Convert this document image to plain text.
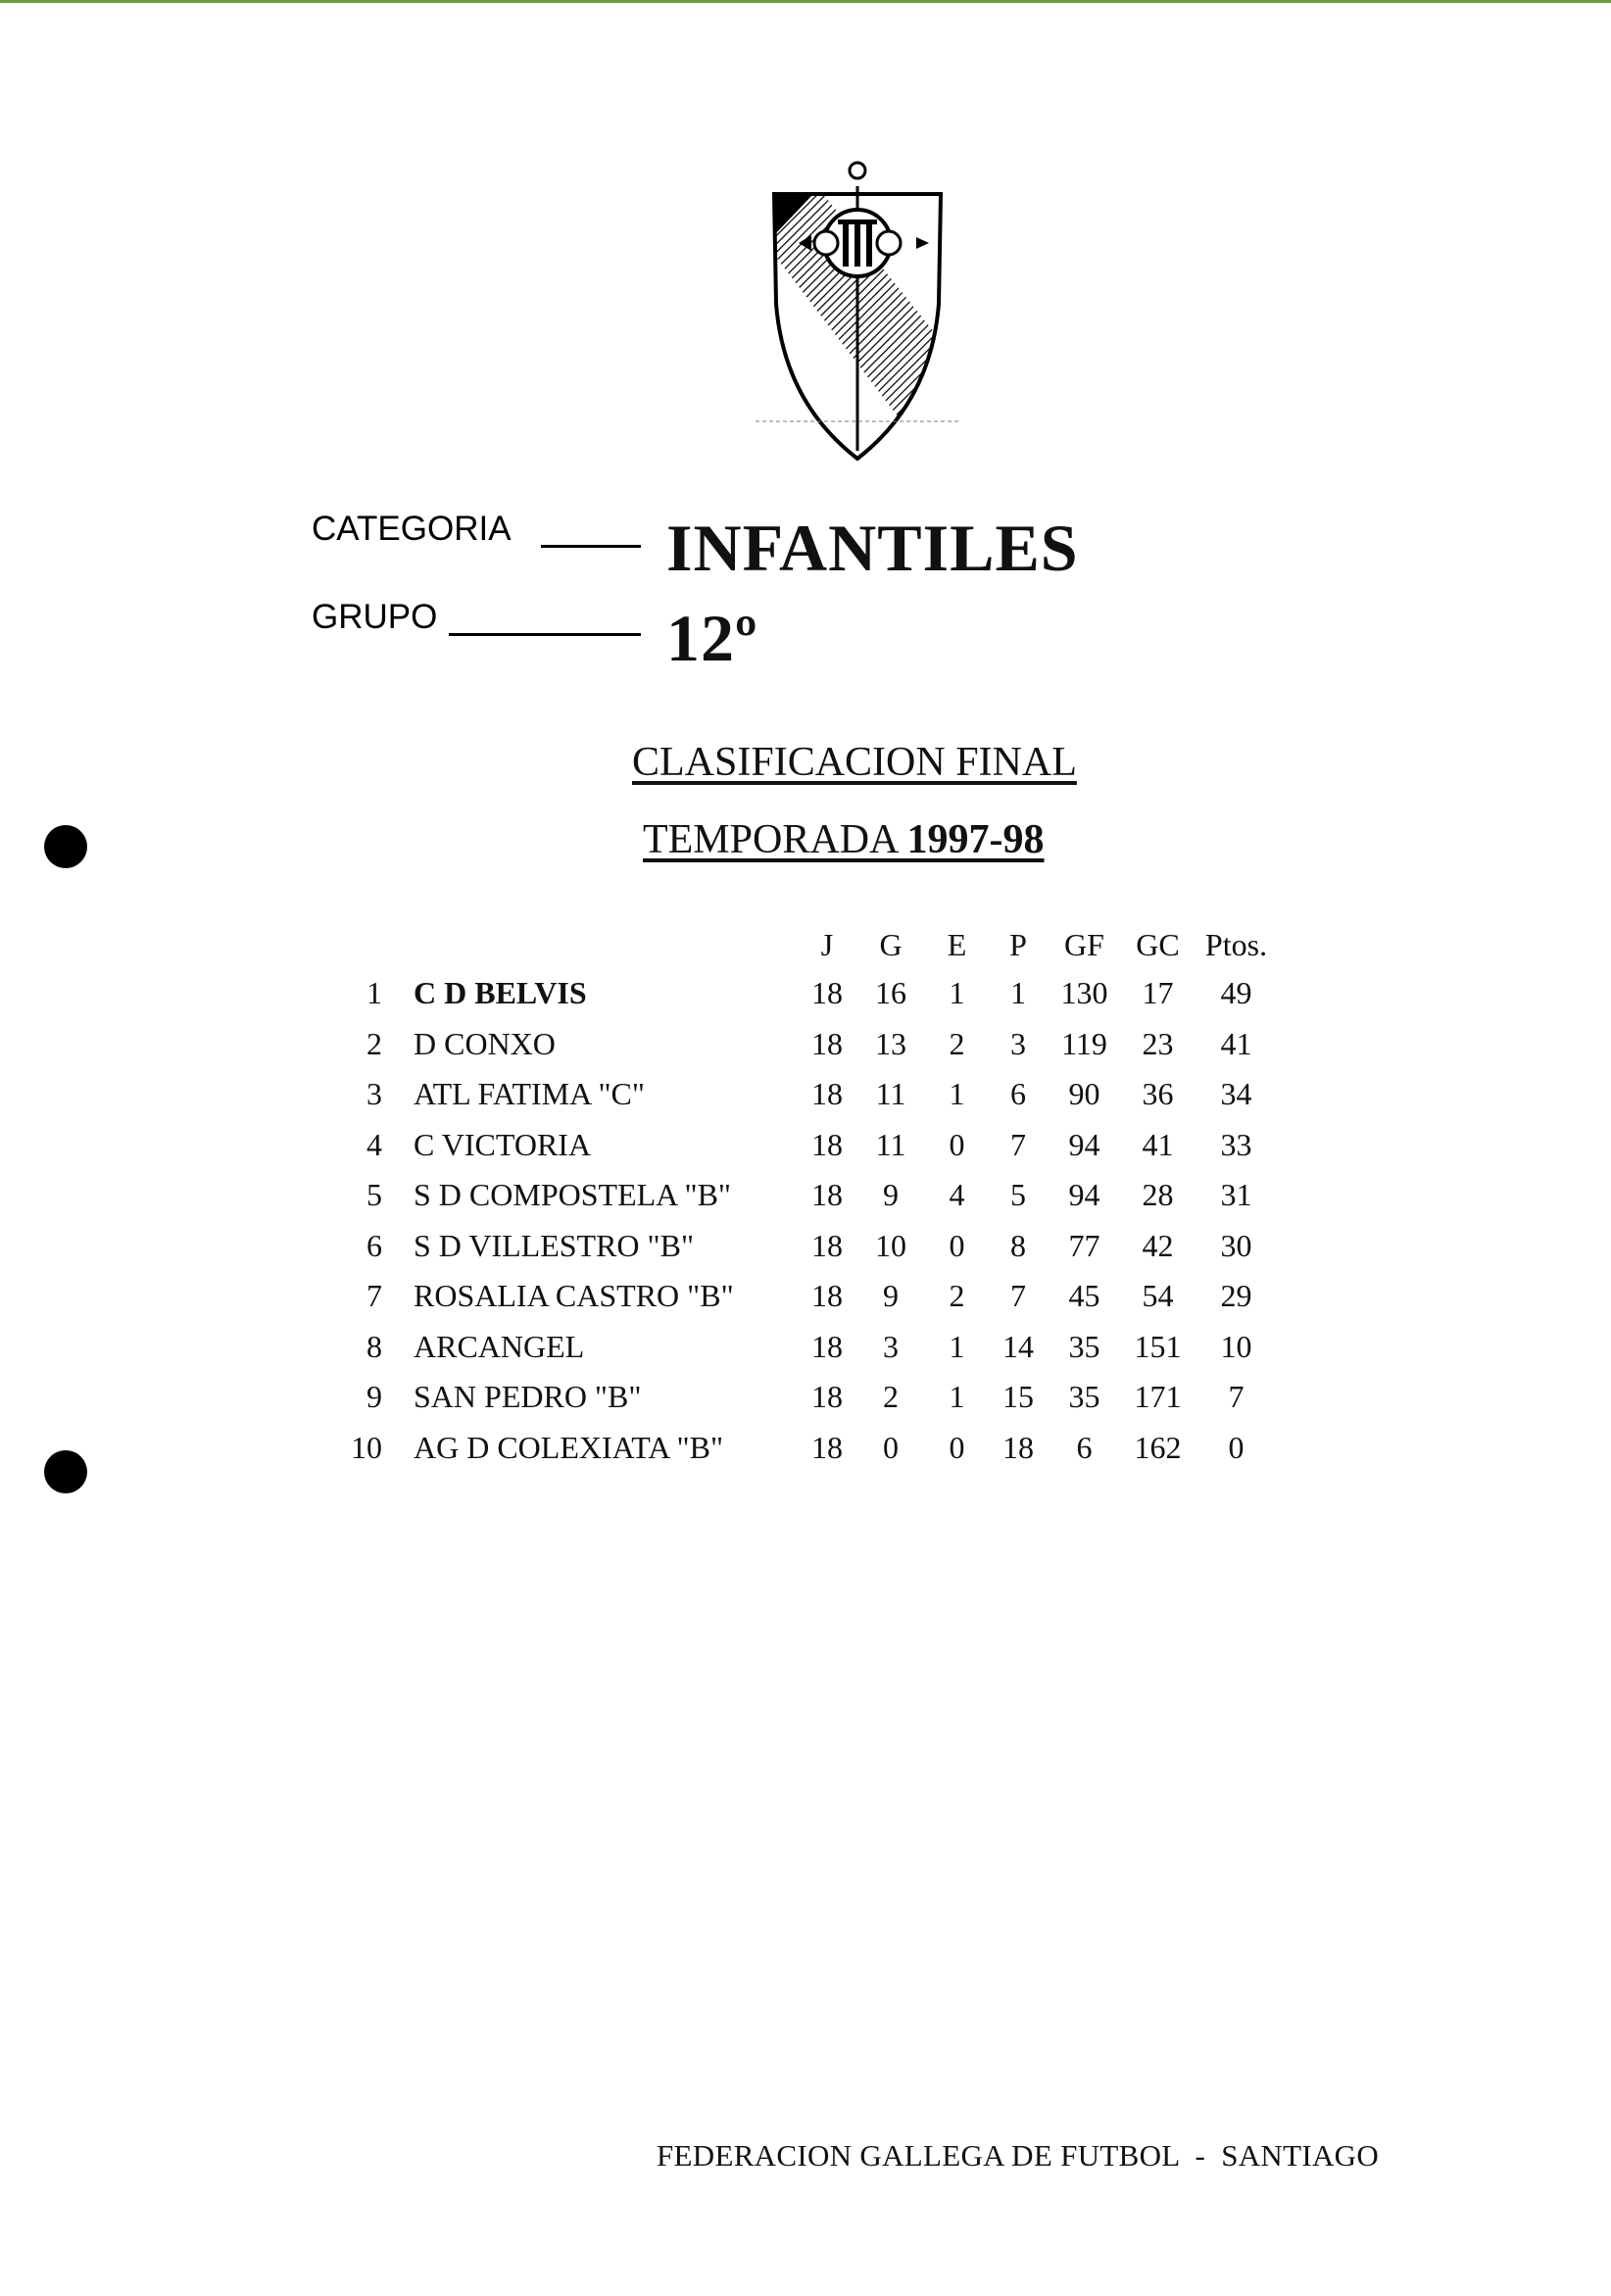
CATEGORIA INFANTILES
GRUPO	12º
CLASIFICACION FINAL
TEMPORADA 1997-98
		J	G	E	P	GF	GC	Ptos.
1	C D BELVIS	18	16	1	1	130	17	49
2	D CONXO	18	13	2	3	119	23	41
3	ATL FATIMA "C"	18	11	1	6	90	36	34
4	C VICTORIA	18	11	0	7	94	41	33
5	S D COMPOSTELA "B"	18	9	4	5	94	28	31
6	S D VILLESTRO "B"	18	10	0	8	77	42	30
7	ROSALIA CASTRO "B"	18	9	2	7	45	54	29
8	ARCANGEL	18	3	1	14	35	151	10
9	SAN PEDRO "B"	18	2	1	15	35	171	7
10	AG D COLEXIATA "B"	18	0	0	18	6	162	0
FEDERACION GALLEGA DE FUTBOL  -  SANTIAGO
